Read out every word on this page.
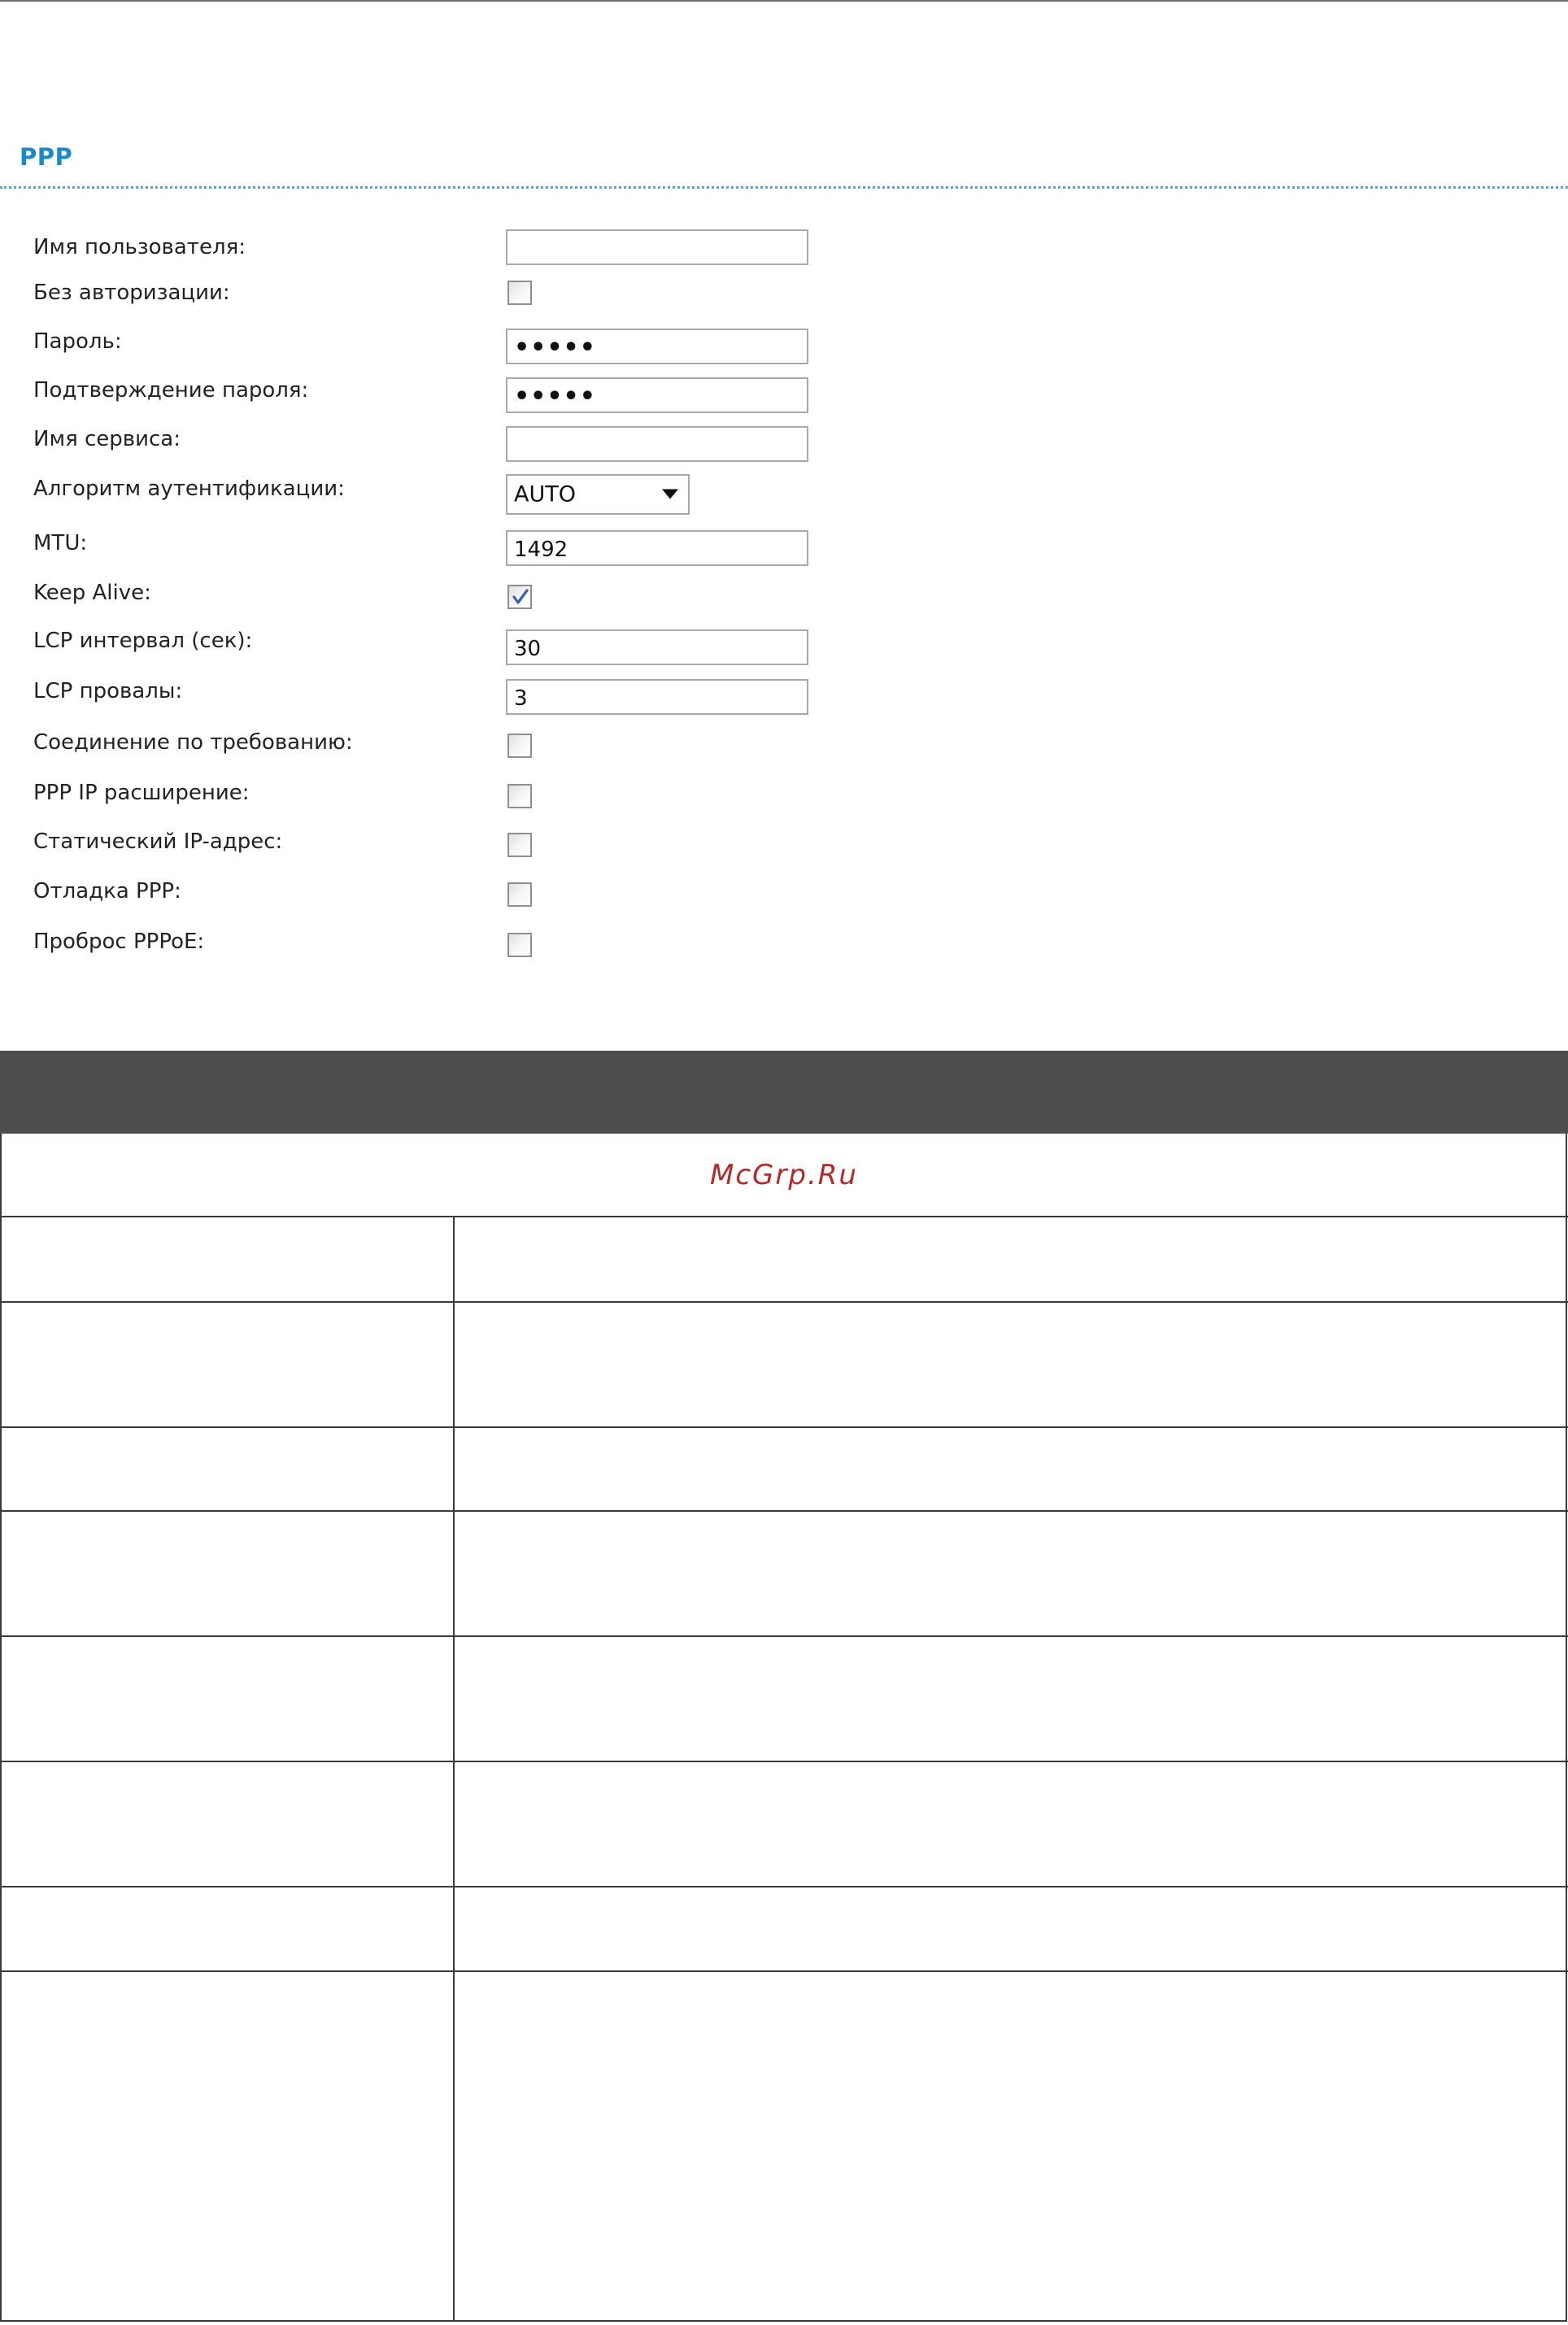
PPP
Имя пользователя:
Без авторизации:
Пароль:	•••••
Подтверждение пароля:	•••••
Имя сервиса:
Алгоритм аутентификации:	AUTO
MTU:	1492
Keep Alive:
LCP интервал (сек):	30
LCP провалы:	3
Соединение по требованию:
PPP IP расширение:
Статический IP-адрес:
Отладка PPP:
Проброс PPPoE:
McGrp.Ru
